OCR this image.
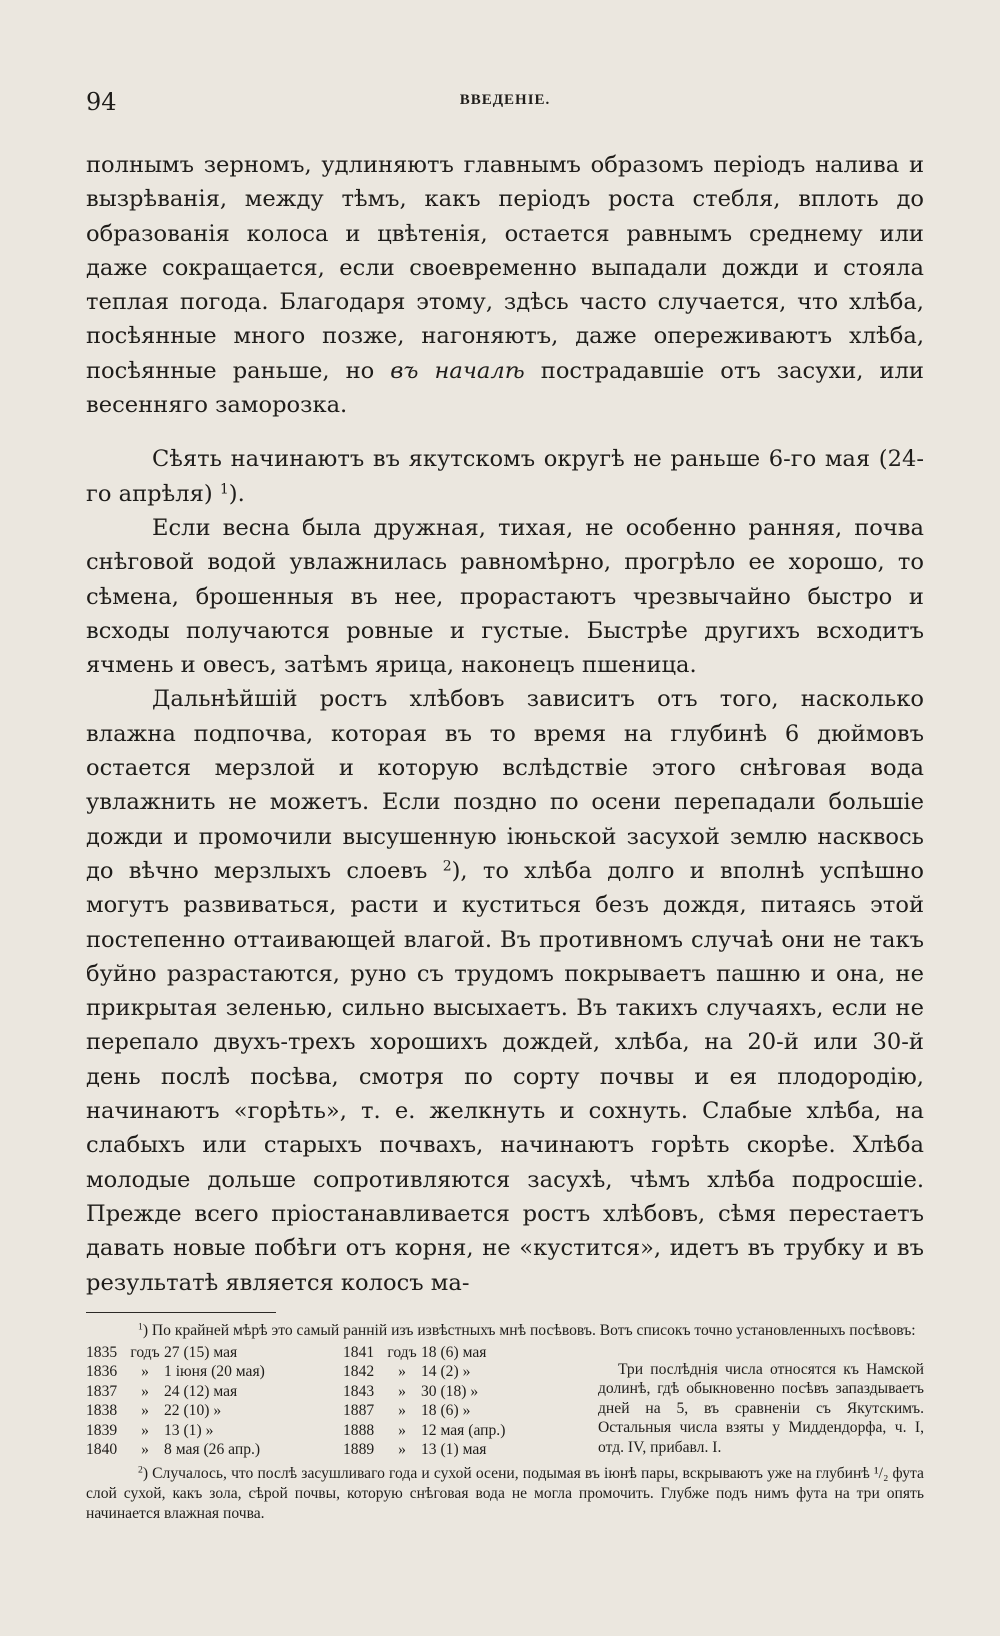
94	ВВЕДЕНІЕ.

полнымъ зерномъ, удлиняютъ главнымъ образомъ періодъ налива и вызрѣванія, между тѣмъ, какъ періодъ роста стебля, вплоть до образованія колоса и цвѣтенія, остается равнымъ среднему или даже сокращается, если своевременно выпадали дожди и стояла теплая погода. Благодаря этому, здѣсь часто случается, что хлѣба, посѣянные много позже, нагоняютъ, даже опереживаютъ хлѣба, посѣянные раньше, но въ началѣ пострадавшіе отъ засухи, или весенняго заморозка.

Сѣять начинаютъ въ якутскомъ округѣ не раньше 6-го мая (24-го апрѣля) $^1$).

Если весна была дружная, тихая, не особенно ранняя, почва снѣговой водой увлажнилась равномѣрно, прогрѣло ее хорошо, то сѣмена, брошенныя въ нее, прорастаютъ чрезвычайно быстро и всходы получаются ровные и густые. Быстрѣе другихъ всходитъ ячмень и овесъ, затѣмъ ярица, наконецъ пшеница.

Дальнѣйшій ростъ хлѣбовъ зависитъ отъ того, насколько влажна подпочва, которая въ то время на глубинѣ 6 дюймовъ остается мерзлой и которую вслѣдствіе этого снѣговая вода увлажнить не можетъ. Если поздно по осени перепадали большіе дожди и промочили высушенную іюньской засухой землю насквось до вѣчно мерзлыхъ слоевъ $^2$), то хлѣба долго и вполнѣ успѣшно могутъ развиваться, расти и куститься безъ дождя, питаясь этой постепенно оттаивающей влагой. Въ противномъ случаѣ они не такъ буйно разрастаются, руно съ трудомъ покрываетъ пашню и она, не прикрытая зеленью, сильно высыхаетъ. Въ такихъ случаяхъ, если не перепало двухъ-трехъ хорошихъ дождей, хлѣба, на 20-й или 30-й день послѣ посѣва, смотря по сорту почвы и ея плодородію, начинаютъ «горѣть», т. е. желкнуть и сохнуть. Слабые хлѣба, на слабыхъ или старыхъ почвахъ, начинаютъ горѣть скорѣе. Хлѣба молодые дольше сопротивляются засухѣ, чѣмъ хлѣба подросшіе. Прежде всего пріостанавливается ростъ хлѣбовъ, сѣмя перестаетъ давать новые побѣги отъ корня, не «кустится», идетъ въ трубку и въ результатѣ является колосъ ма-

$^1$) По крайней мѣрѣ это самый раннiй изъ извѣстныхъ мнѣ посѣвовъ. Вотъ списокъ точно установленныхъ посѣвовъ:

1835 годъ 27 (15) мая
1836	» 1 іюня (20 мая)
1837	» 24 (12) мая
1838	» 22 (10) »
1839	» 13 (1) »
1840	» 8 мая (26 апр.)
1841 годъ 18 (6) мая
1842	» 14 (2) »
1843	» 30 (18) »
1887	» 18 (6) »
1888	» 12 мая (апр.)
1889	» 13 (1) мая
Три послѣднія числа относятся къ Намской долинѣ, гдѣ обыкновенно посѣвъ запаздываетъ дней на 5, въ сравненіи съ Якутскимъ. Остальныя числа взяты у Миддендорфа, ч. I, отд. IV, прибавл. I.

$^2$) Случалось, что послѣ засушливаго года и сухой осени, подымая въ іюнѣ пары, вскрываютъ уже на глубинѣ ¹/₂ фута слой сухой, какъ зола, сѣрой почвы, которую снѣговая вода не могла промочить. Глубже подъ нимъ фута на три опять начинается влажная почва.
